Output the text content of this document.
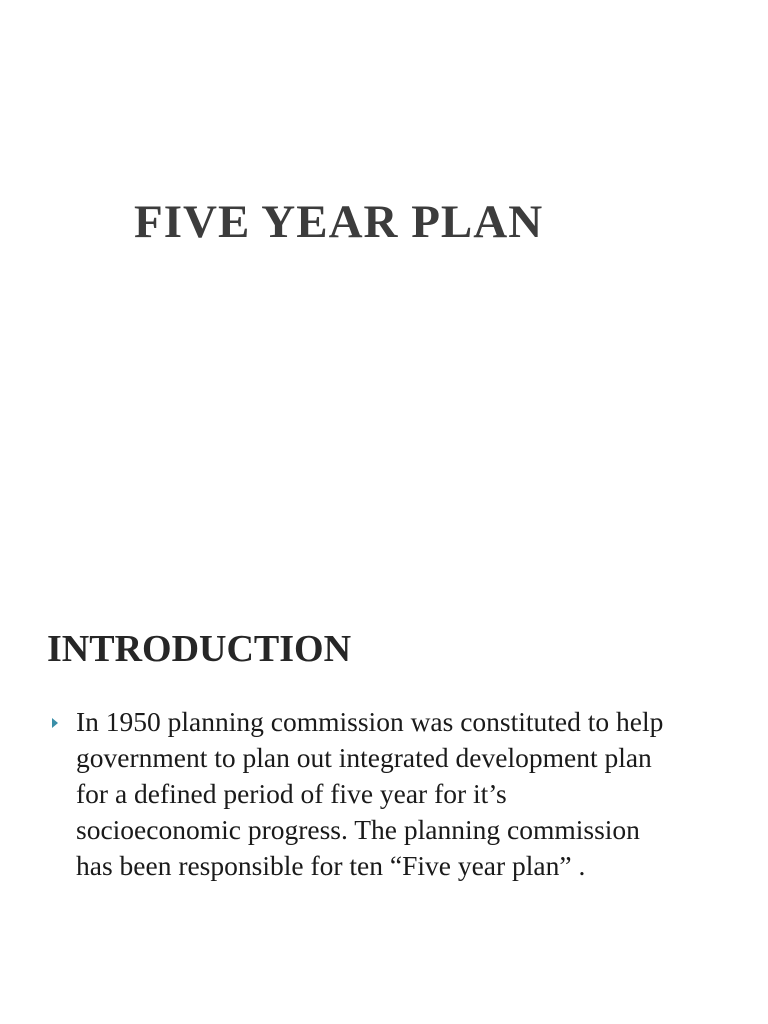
FIVE YEAR PLAN
INTRODUCTION

In 1950 planning commission was constituted to help
government to plan out integrated development plan
for a defined period of five year for it’s
socioeconomic progress. The planning commission
has been responsible for ten “Five year plan” .
